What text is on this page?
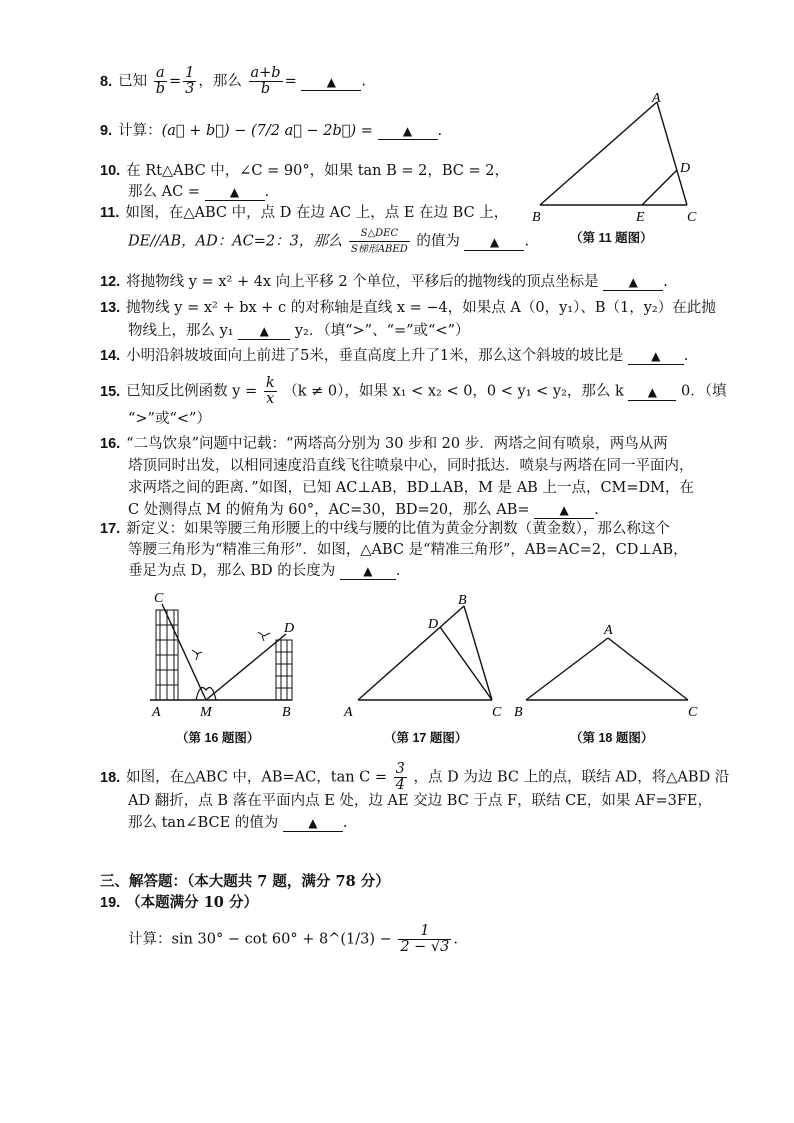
8. 已知 $\frac{a}{b} = \frac{1}{3}$ ，那么 $\frac{a+b}{b}$ = ▲ .
9. 计算：(a⃗ + b⃗) − (7/2 a⃗ − 2b⃗) = ▲ .
10. 在 Rt△ABC 中，∠C = 90°，如果 tan B = 2，BC = 2，
那么 AC = ▲ .
11. 如图，在△ABC 中，点 D 在边 AC 上，点 E 在边 BC 上，
DE//AB，AD：AC=2：3，那么 $\frac{\text{S△DEC}}{\text{S梯形ABED}}$ 的值为 ▲ .
A
D
B	E	C
（第 11 题图）
12. 将抛物线 y = x² + 4x 向上平移 2 个单位，平移后的抛物线的顶点坐标是 ▲ .
13. 抛物线 y = x² + bx + c 的对称轴是直线 x = −4，如果点 A（0，y₁）、B（1，y₂）在此抛
物线上，那么 y₁ ▲ y₂．（填“>”、“=”或“<”）
14. 小明沿斜坡坡面向上前进了5米，垂直高度上升了1米，那么这个斜坡的坡比是 ▲ .
15. 已知反比例函数 $y = \frac{k}{x} (k \ne 0)$，如果 x₁ < x₂ < 0，0 < y₁ < y₂，那么 k ▲ 0．（填
“>”或“<”）
16. “二鸟饮泉”问题中记载：“两塔高分别为 30 步和 20 步．两塔之间有喷泉，两鸟从两
塔顶同时出发，以相同速度沿直线飞往喷泉中心，同时抵达．喷泉与两塔在同一平面内，
求两塔之间的距离．”如图，已知 AC⊥AB，BD⊥AB，M 是 AB 上一点，CM=DM，在
C 处测得点 M 的俯角为 60°，AC=30，BD=20，那么 AB= ▲ .
17. 新定义：如果等腰三角形腰上的中线与腰的比值为黄金分割数（黄金数），那么称这个
等腰三角形为“精准三角形”．如图，△ABC 是“精准三角形”，AB=AC=2，CD⊥AB，
垂足为点 D，那么 BD 的长度为 ▲ .
C
D
A	M	B
（第 16 题图）
B
D
A	C
（第 17 题图）
A
B	C
（第 18 题图）
18. 如图，在△ABC 中，AB=AC，$\tan C = \frac{3}{4}$ ，点 D 为边 BC 上的点，联结 AD，将△ABD 沿
AD 翻折，点 B 落在平面内点 E 处，边 AE 交边 BC 于点 F，联结 CE，如果 AF=3FE，
那么 tan∠BCE 的值为 ▲ .
三、解答题：（本大题共 7 题，满分 78 分）
19. （本题满分 10 分）
计算：sin 30° − cot 60° + 8^(1/3) − $\frac{1}{2 - √3}$ .
